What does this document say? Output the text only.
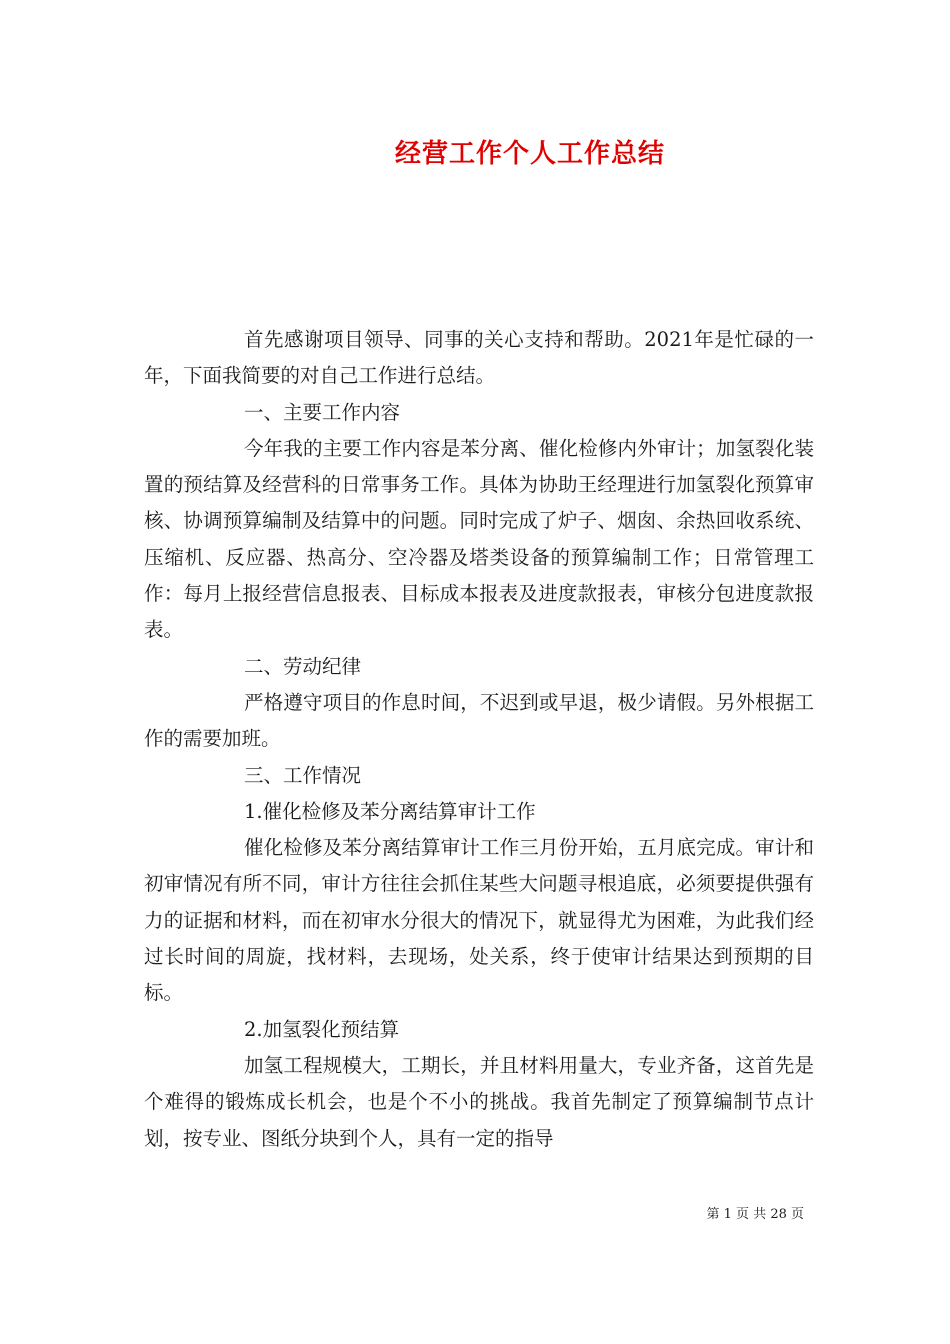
经营工作个人工作总结

首先感谢项目领导、同事的关心支持和帮助。2021年是忙碌的一年，下面我简要的对自己工作进行总结。

一、主要工作内容

今年我的主要工作内容是苯分离、催化检修内外审计；加氢裂化装置的预结算及经营科的日常事务工作。具体为协助王经理进行加氢裂化预算审核、协调预算编制及结算中的问题。同时完成了炉子、烟囱、余热回收系统、压缩机、反应器、热高分、空冷器及塔类设备的预算编制工作；日常管理工作：每月上报经营信息报表、目标成本报表及进度款报表，审核分包进度款报表。

二、劳动纪律

严格遵守项目的作息时间，不迟到或早退，极少请假。另外根据工作的需要加班。

三、工作情况

1.催化检修及苯分离结算审计工作

催化检修及苯分离结算审计工作三月份开始，五月底完成。审计和初审情况有所不同，审计方往往会抓住某些大问题寻根追底，必须要提供强有力的证据和材料，而在初审水分很大的情况下，就显得尤为困难，为此我们经过长时间的周旋，找材料，去现场，处关系，终于使审计结果达到预期的目标。

2.加氢裂化预结算

加氢工程规模大，工期长，并且材料用量大，专业齐备，这首先是个难得的锻炼成长机会，也是个不小的挑战。我首先制定了预算编制节点计划，按专业、图纸分块到个人，具有一定的指导

第 1 页 共 28 页
